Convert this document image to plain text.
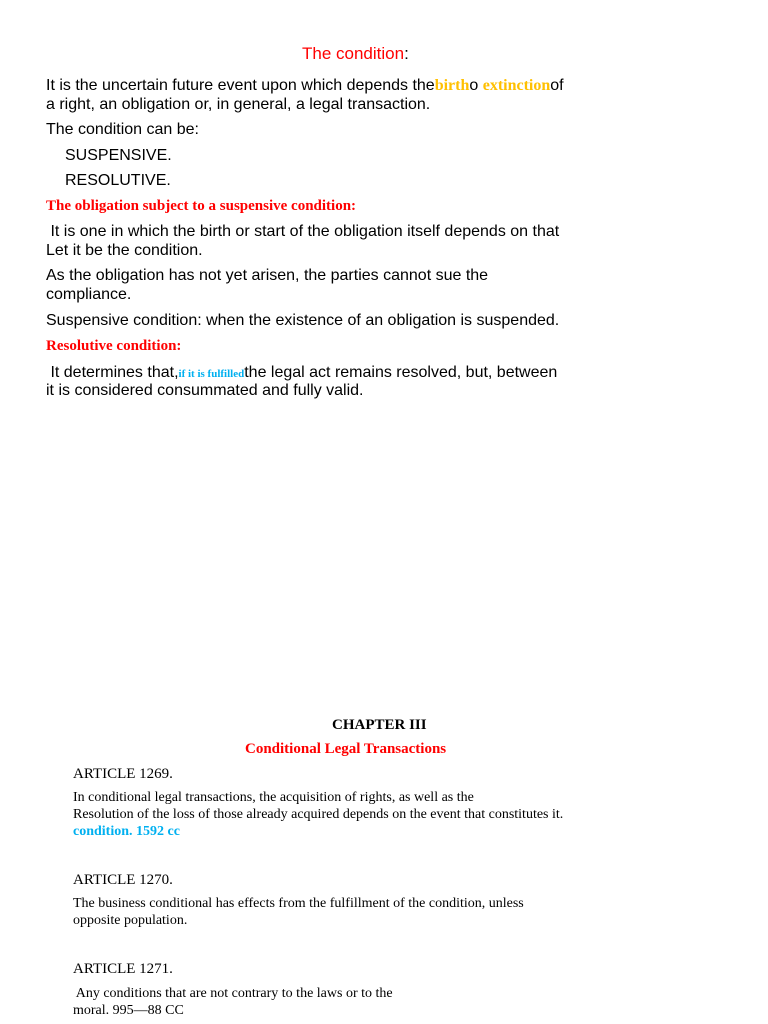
The condition:
It is the uncertain future event upon which depends thebirtho extinctionof
a right, an obligation or, in general, a legal transaction.
The condition can be:
SUSPENSIVE.
RESOLUTIVE.
The obligation subject to a suspensive condition:
It is one in which the birth or start of the obligation itself depends on that
Let it be the condition.
As the obligation has not yet arisen, the parties cannot sue the
compliance.
Suspensive condition: when the existence of an obligation is suspended.
Resolutive condition:
It determines that,if it is fulfilledthe legal act remains resolved, but, between
it is considered consummated and fully valid.
CHAPTER III
Conditional Legal Transactions
ARTICLE 1269.
In conditional legal transactions, the acquisition of rights, as well as the
Resolution of the loss of those already acquired depends on the event that constitutes it.
condition. 1592 cc
ARTICLE 1270.
The business conditional has effects from the fulfillment of the condition, unless
opposite population.
ARTICLE 1271.
Any conditions that are not contrary to the laws or to the
moral. 995—88 CC
